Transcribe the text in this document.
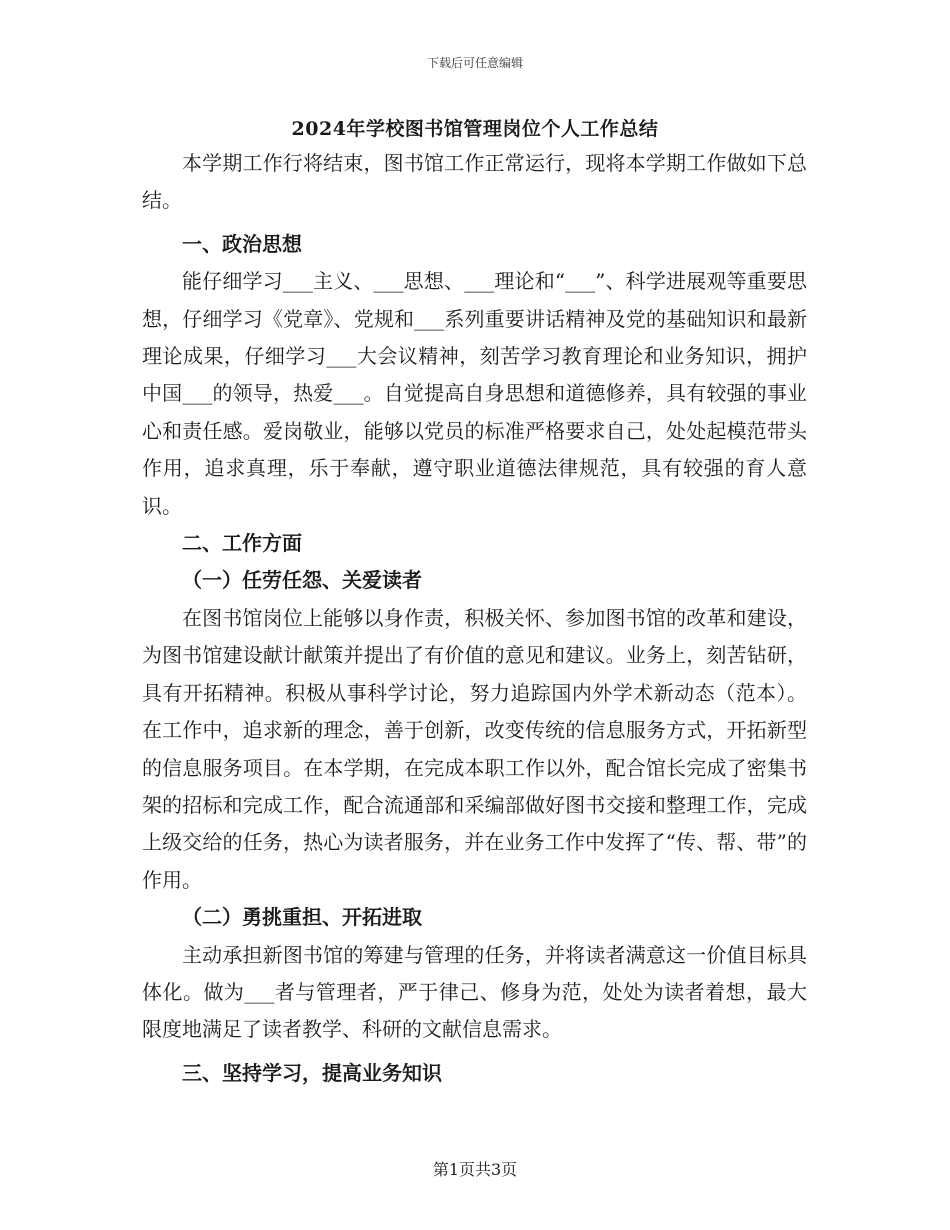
下载后可任意编辑
2024年学校图书馆管理岗位个人工作总结

本学期工作行将结束，图书馆工作正常运行，现将本学期工作做如下总结。

一、政治思想

能仔细学习___主义、___思想、___理论和“___”、科学进展观等重要思想，仔细学习《党章》、党规和___系列重要讲话精神及党的基础知识和最新理论成果，仔细学习___大会议精神，刻苦学习教育理论和业务知识，拥护中国___的领导，热爱___。自觉提高自身思想和道德修养，具有较强的事业心和责任感。爱岗敬业，能够以党员的标准严格要求自己，处处起模范带头作用，追求真理，乐于奉献，遵守职业道德法律规范，具有较强的育人意识。

二、工作方面

（一）任劳任怨、关爱读者

在图书馆岗位上能够以身作责，积极关怀、参加图书馆的改革和建设，为图书馆建设献计献策并提出了有价值的意见和建议。业务上，刻苦钻研，具有开拓精神。积极从事科学讨论，努力追踪国内外学术新动态（范本）。在工作中，追求新的理念，善于创新，改变传统的信息服务方式，开拓新型的信息服务项目。在本学期，在完成本职工作以外，配合馆长完成了密集书架的招标和完成工作，配合流通部和采编部做好图书交接和整理工作，完成上级交给的任务，热心为读者服务，并在业务工作中发挥了“传、帮、带”的作用。

（二）勇挑重担、开拓进取

主动承担新图书馆的筹建与管理的任务，并将读者满意这一价值目标具体化。做为___者与管理者，严于律己、修身为范，处处为读者着想，最大限度地满足了读者教学、科研的文献信息需求。

三、坚持学习，提高业务知识

第1页共3页
